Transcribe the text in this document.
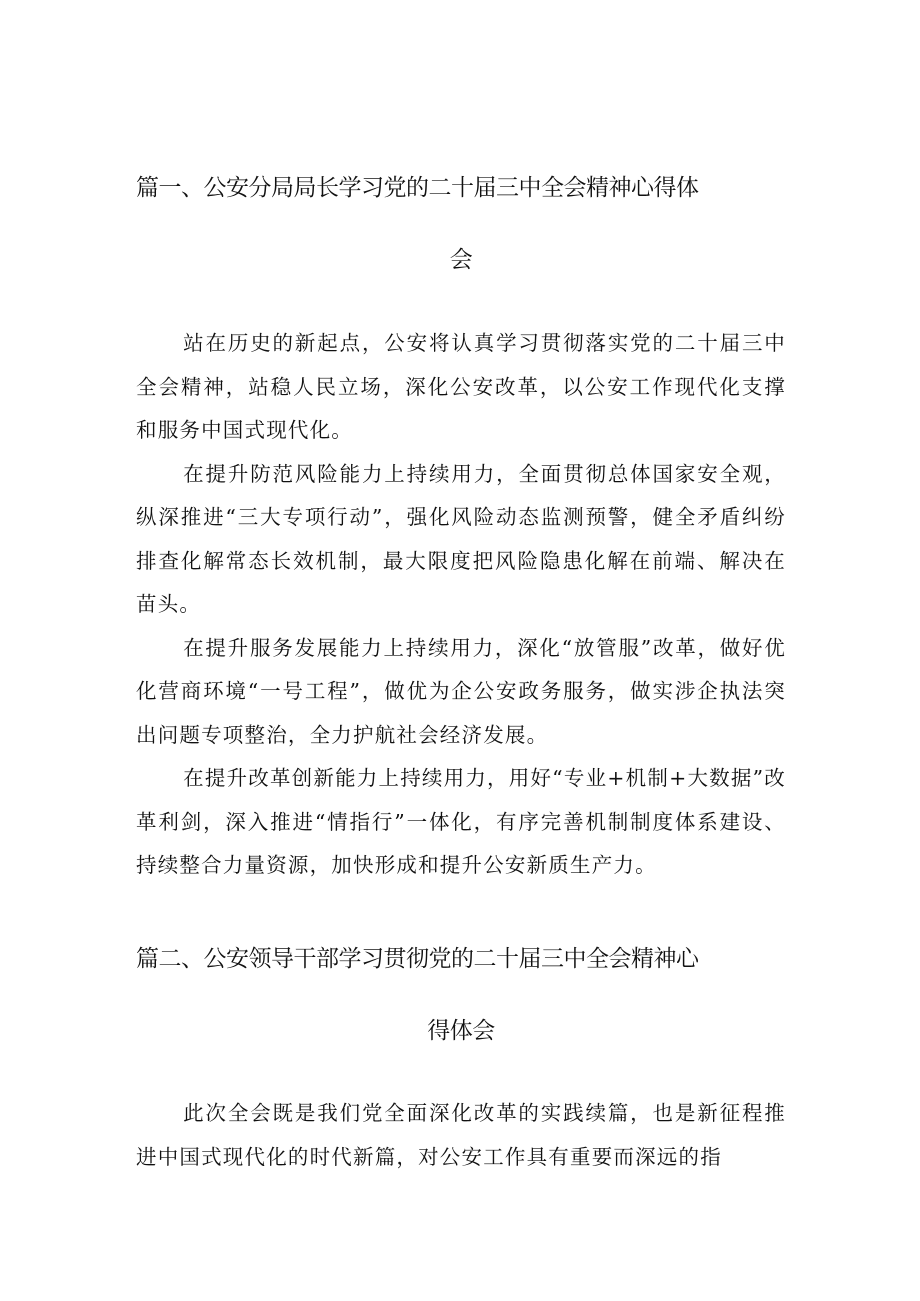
篇一、公安分局局长学习党的二十届三中全会精神心得体
会

站在历史的新起点，公安将认真学习贯彻落实党的二十届三中全会精神，站稳人民立场，深化公安改革，以公安工作现代化支撑和服务中国式现代化。

在提升防范风险能力上持续用力，全面贯彻总体国家安全观，纵深推进“三大专项行动”，强化风险动态监测预警，健全矛盾纠纷排查化解常态长效机制，最大限度把风险隐患化解在前端、解决在苗头。

在提升服务发展能力上持续用力，深化“放管服”改革，做好优化营商环境“一号工程”，做优为企公安政务服务，做实涉企执法突出问题专项整治，全力护航社会经济发展。

在提升改革创新能力上持续用力，用好“专业+机制+大数据”改革利剑，深入推进“情指行”一体化，有序完善机制制度体系建设、持续整合力量资源，加快形成和提升公安新质生产力。

篇二、公安领导干部学习贯彻党的二十届三中全会精神心
得体会

此次全会既是我们党全面深化改革的实践续篇，也是新征程推进中国式现代化的时代新篇，对公安工作具有重要而深远的指
